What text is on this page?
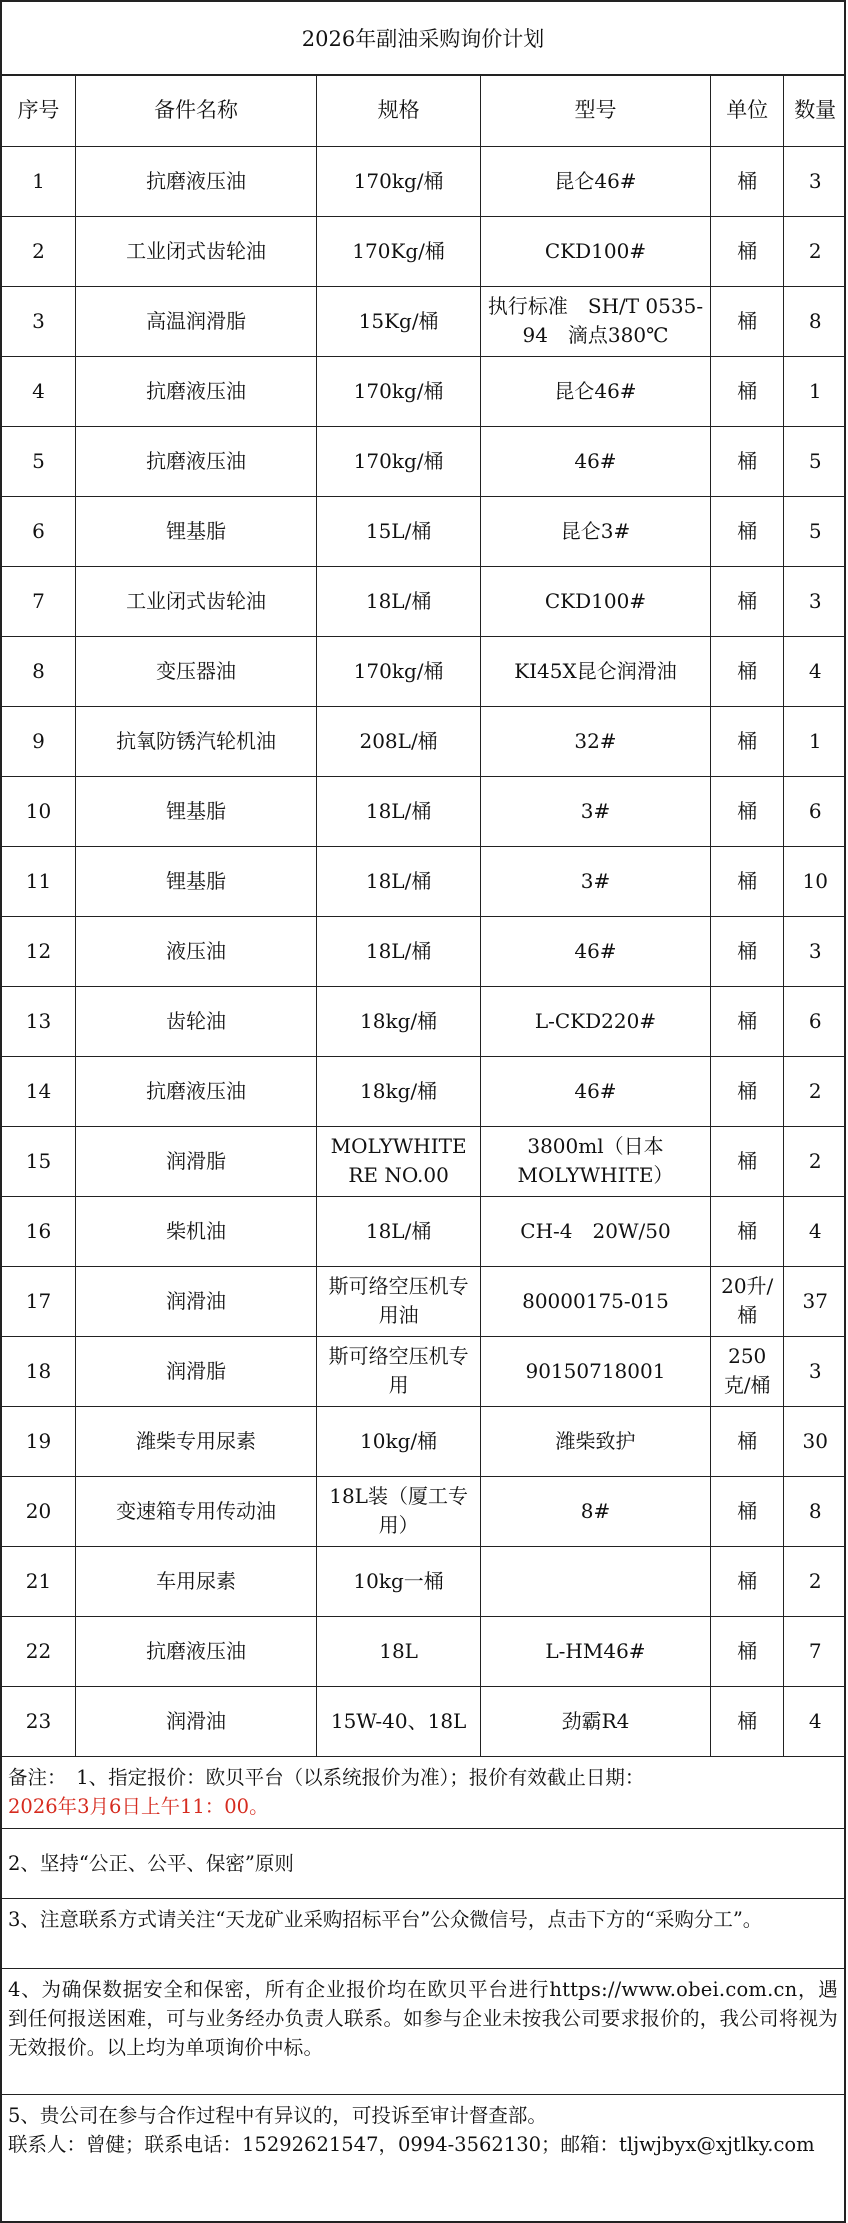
2026年副油采购询价计划
序号	备件名称	规格	型号	单位	数量
1	抗磨液压油	170kg/桶	昆仑46#	桶	3
2	工业闭式齿轮油	170Kg/桶	CKD100#	桶	2
3	高温润滑脂	15Kg/桶	执行标准　SH/T 0535-94　滴点380℃	桶	8
4	抗磨液压油	170kg/桶	昆仑46#	桶	1
5	抗磨液压油	170kg/桶	46#	桶	5
6	锂基脂	15L/桶	昆仑3#	桶	5
7	工业闭式齿轮油	18L/桶	CKD100#	桶	3
8	变压器油	170kg/桶	KI45X昆仑润滑油	桶	4
9	抗氧防锈汽轮机油	208L/桶	32#	桶	1
10	锂基脂	18L/桶	3#	桶	6
11	锂基脂	18L/桶	3#	桶	10
12	液压油	18L/桶	46#	桶	3
13	齿轮油	18kg/桶	L-CKD220#	桶	6
14	抗磨液压油	18kg/桶	46#	桶	2
15	润滑脂	MOLYWHITE RE NO.00	3800ml（日本MOLYWHITE）	桶	2
16	柴机油	18L/桶	CH-4　20W/50	桶	4
17	润滑油	斯可络空压机专用油	80000175-015	20升/桶	37
18	润滑脂	斯可络空压机专用	90150718001	250克/桶	3
19	潍柴专用尿素	10kg/桶	潍柴致护	桶	30
20	变速箱专用传动油	18L装（厦工专用）	8#	桶	8
21	车用尿素	10kg一桶		桶	2
22	抗磨液压油	18L	L-HM46#	桶	7
23	润滑油	15W-40、18L	劲霸R4	桶	4
备注：　1、指定报价：欧贝平台（以系统报价为准）；报价有效截止日期：
2026年3月6日上午11：00。
2、坚持“公正、公平、保密”原则
3、注意联系方式请关注“天龙矿业采购招标平台”公众微信号，点击下方的“采购分工”。
4、为确保数据安全和保密，所有企业报价均在欧贝平台进行https://www.obei.com.cn，遇到任何报送困难，可与业务经办负责人联系。如参与企业未按我公司要求报价的，我公司将视为无效报价。以上均为单项询价中标。
5、贵公司在参与合作过程中有异议的，可投诉至审计督查部。
联系人：曾健；联系电话：15292621547，0994-3562130；邮箱：tljwjbyx@xjtlky.com
